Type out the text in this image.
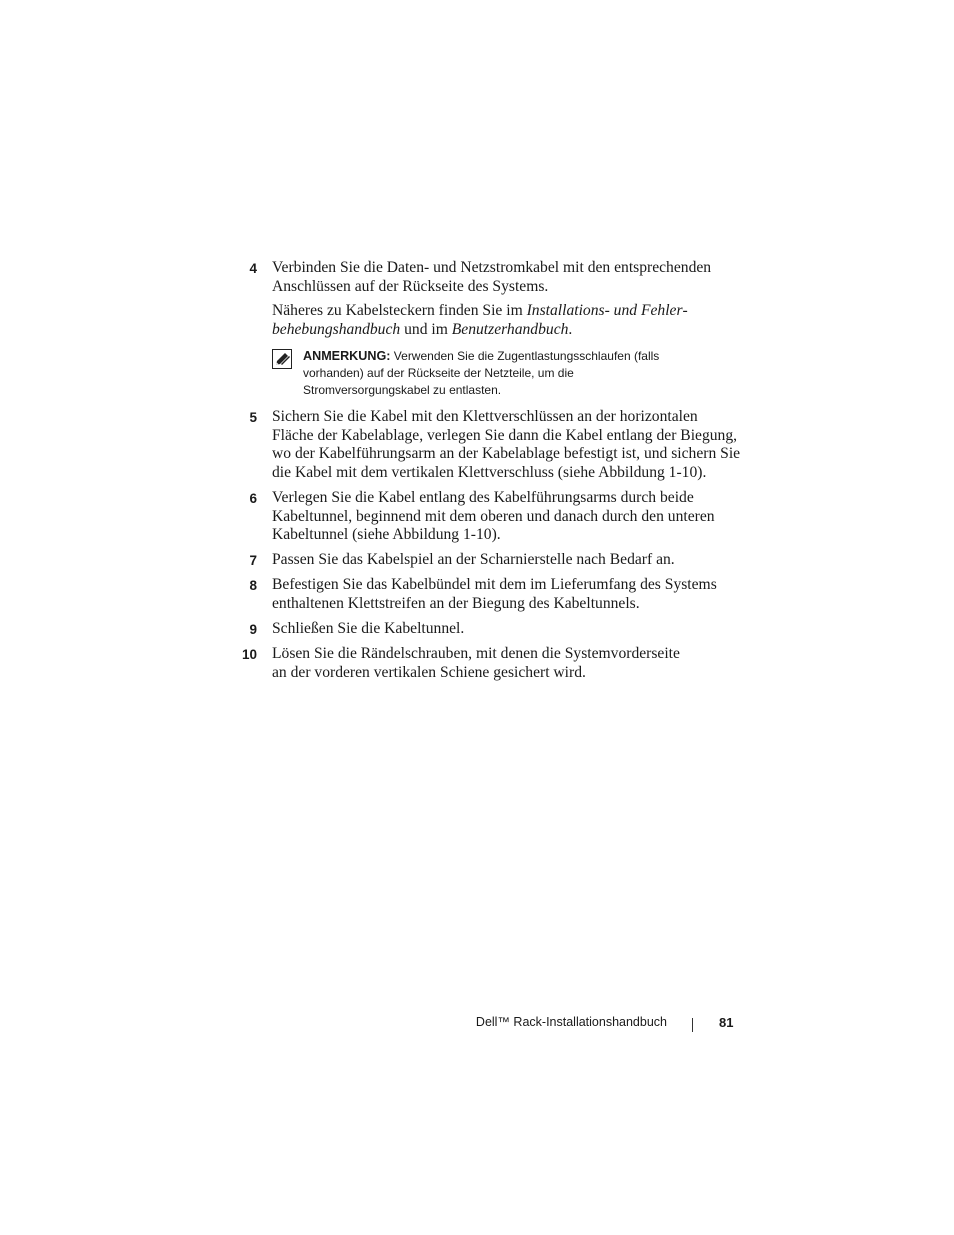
4 Verbinden Sie die Daten- und Netzstromkabel mit den entsprechenden Anschlüssen auf der Rückseite des Systems.

Näheres zu Kabelsteckern finden Sie im Installations- und Fehlerbehebungshandbuch und im Benutzerhandbuch.

ANMERKUNG: Verwenden Sie die Zugentlastungsschlaufen (falls vorhanden) auf der Rückseite der Netzteile, um die Stromversorgungskabel zu entlasten.
5 Sichern Sie die Kabel mit den Klettverschlüssen an der horizontalen Fläche der Kabelablage, verlegen Sie dann die Kabel entlang der Biegung, wo der Kabelführungsarm an der Kabelablage befestigt ist, und sichern Sie die Kabel mit dem vertikalen Klettverschluss (siehe Abbildung 1-10).

6 Verlegen Sie die Kabel entlang des Kabelführungsarms durch beide Kabeltunnel, beginnend mit dem oberen und danach durch den unteren Kabeltunnel (siehe Abbildung 1-10).

7 Passen Sie das Kabelspiel an der Scharnierstelle nach Bedarf an.

8 Befestigen Sie das Kabelbündel mit dem im Lieferumfang des Systems enthaltenen Klettstreifen an der Biegung des Kabeltunnels.

9 Schließen Sie die Kabeltunnel.

10 Lösen Sie die Rändelschrauben, mit denen die Systemvorderseite an der vorderen vertikalen Schiene gesichert wird.

Dell™ Rack-Installationshandbuch	81
